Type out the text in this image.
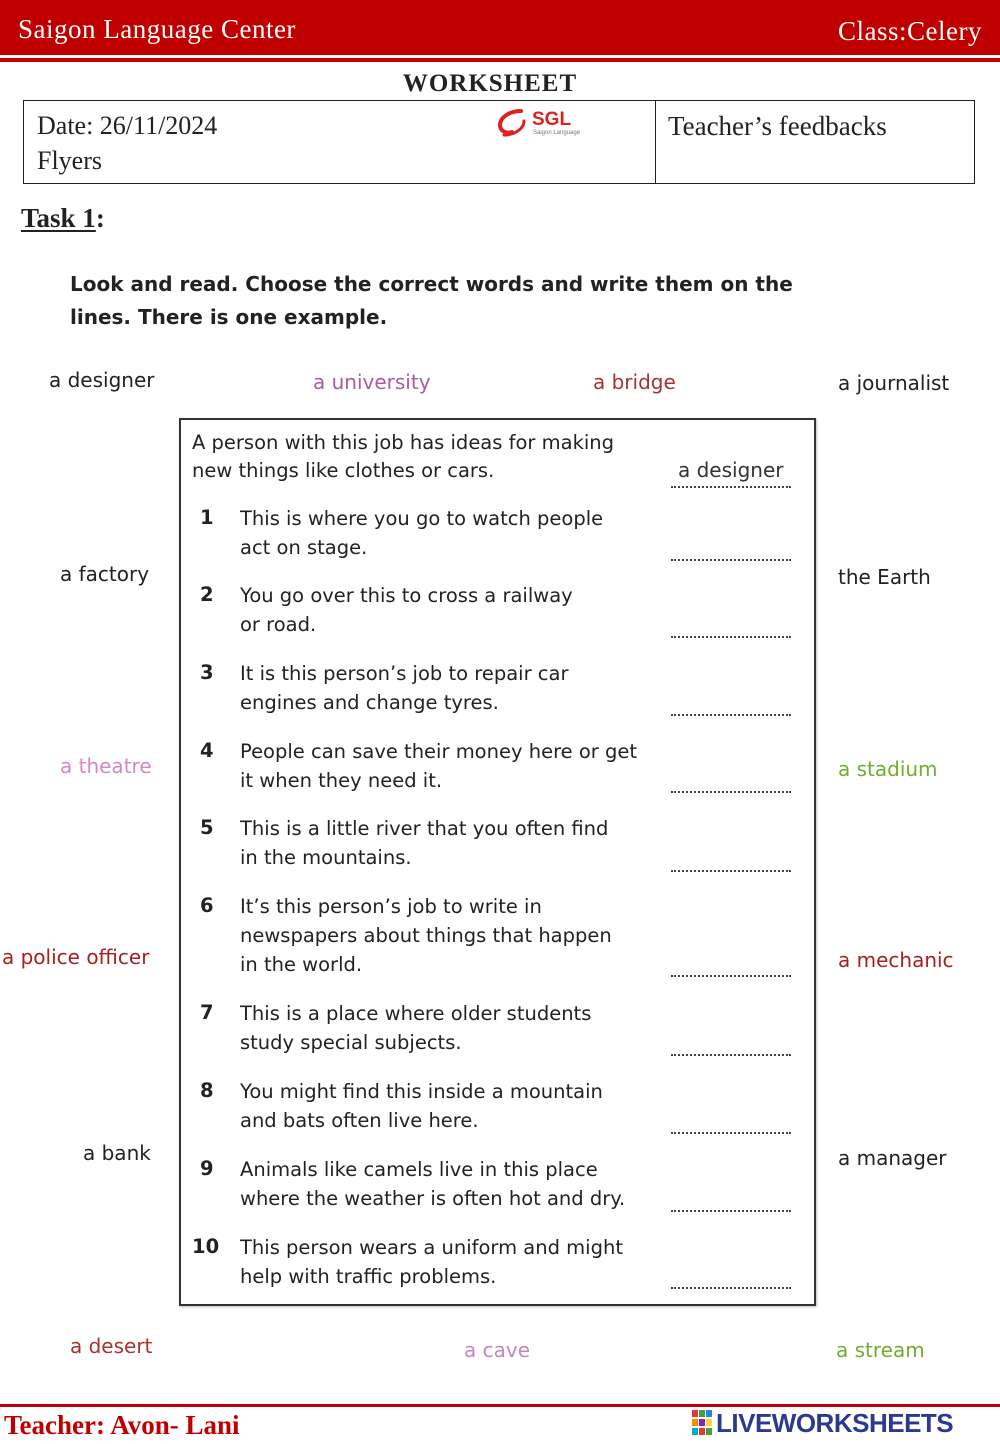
Saigon Language Center	Class:Celery
WORKSHEET
Date: 26/11/2024
Flyers
SGL
Saigon Language	Teacher’s feedbacks
Task 1:
Look and read. Choose the correct words and write them on the lines. There is one example.
a designer	a university	a bridge	a journalist
a factory	the Earth
a theatre	a stadium
a police officer	a mechanic
a bank	a manager
a desert	a cave	a stream
A person with this job has ideas for making
new things like clothes or cars.	a designer
1 This is where you go to watch people
act on stage.
2 You go over this to cross a railway
or road.
3 It is this person’s job to repair car
engines and change tyres.
4 People can save their money here or get
it when they need it.
5 This is a little river that you often find
in the mountains.
6 It’s this person’s job to write in
newspapers about things that happen
in the world.
7 This is a place where older students
study special subjects.
8 You might find this inside a mountain
and bats often live here.
9 Animals like camels live in this place
where the weather is often hot and dry.
10 This person wears a uniform and might
help with traffic problems.
Teacher: Avon- Lani	LIVEWORKSHEETS
